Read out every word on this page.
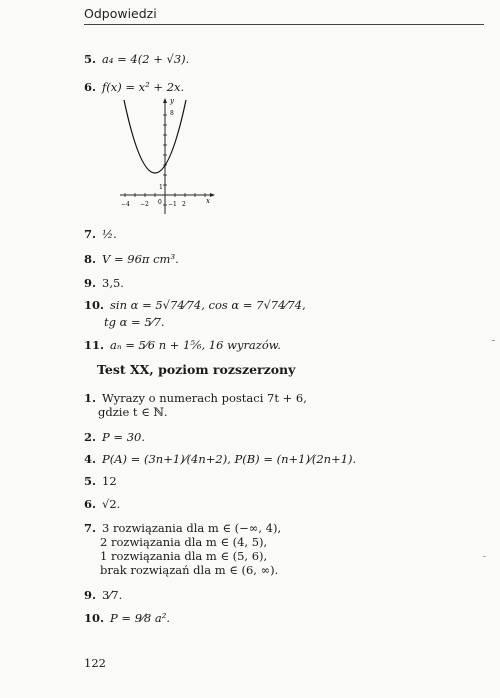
Odpowiedzi
5. a₄ = 4(2 + √3).
6. f(x) = x² + 2x.
y
8
1
x
−4 −2 0 −1 2
7. ½.
8. V = 96π cm³.
9. 3,5.
10. sin α = 5√74⁄74, cos α = 7√74⁄74,
tg α = 5⁄7.
11. aₙ = 5⁄6 n + 1⁵⁄₆, 16 wyrazów.
Test XX, poziom rozszerzony
1. Wyrazy o numerach postaci 7t + 6,
gdzie t ∈ ℕ.
2. P = 30.
4. P(A) = (3n+1)⁄(4n+2), P(B) = (n+1)⁄(2n+1).
5. 12
6. √2.
7. 3 rozwiązania dla m ∈ (−∞, 4),
2 rozwiązania dla m ∈ (4, 5),
1 rozwiązania dla m ∈ (5, 6),
brak rozwiązań dla m ∈ (6, ∞).
9. 3⁄7.
10. P = 9⁄8 a².
122
